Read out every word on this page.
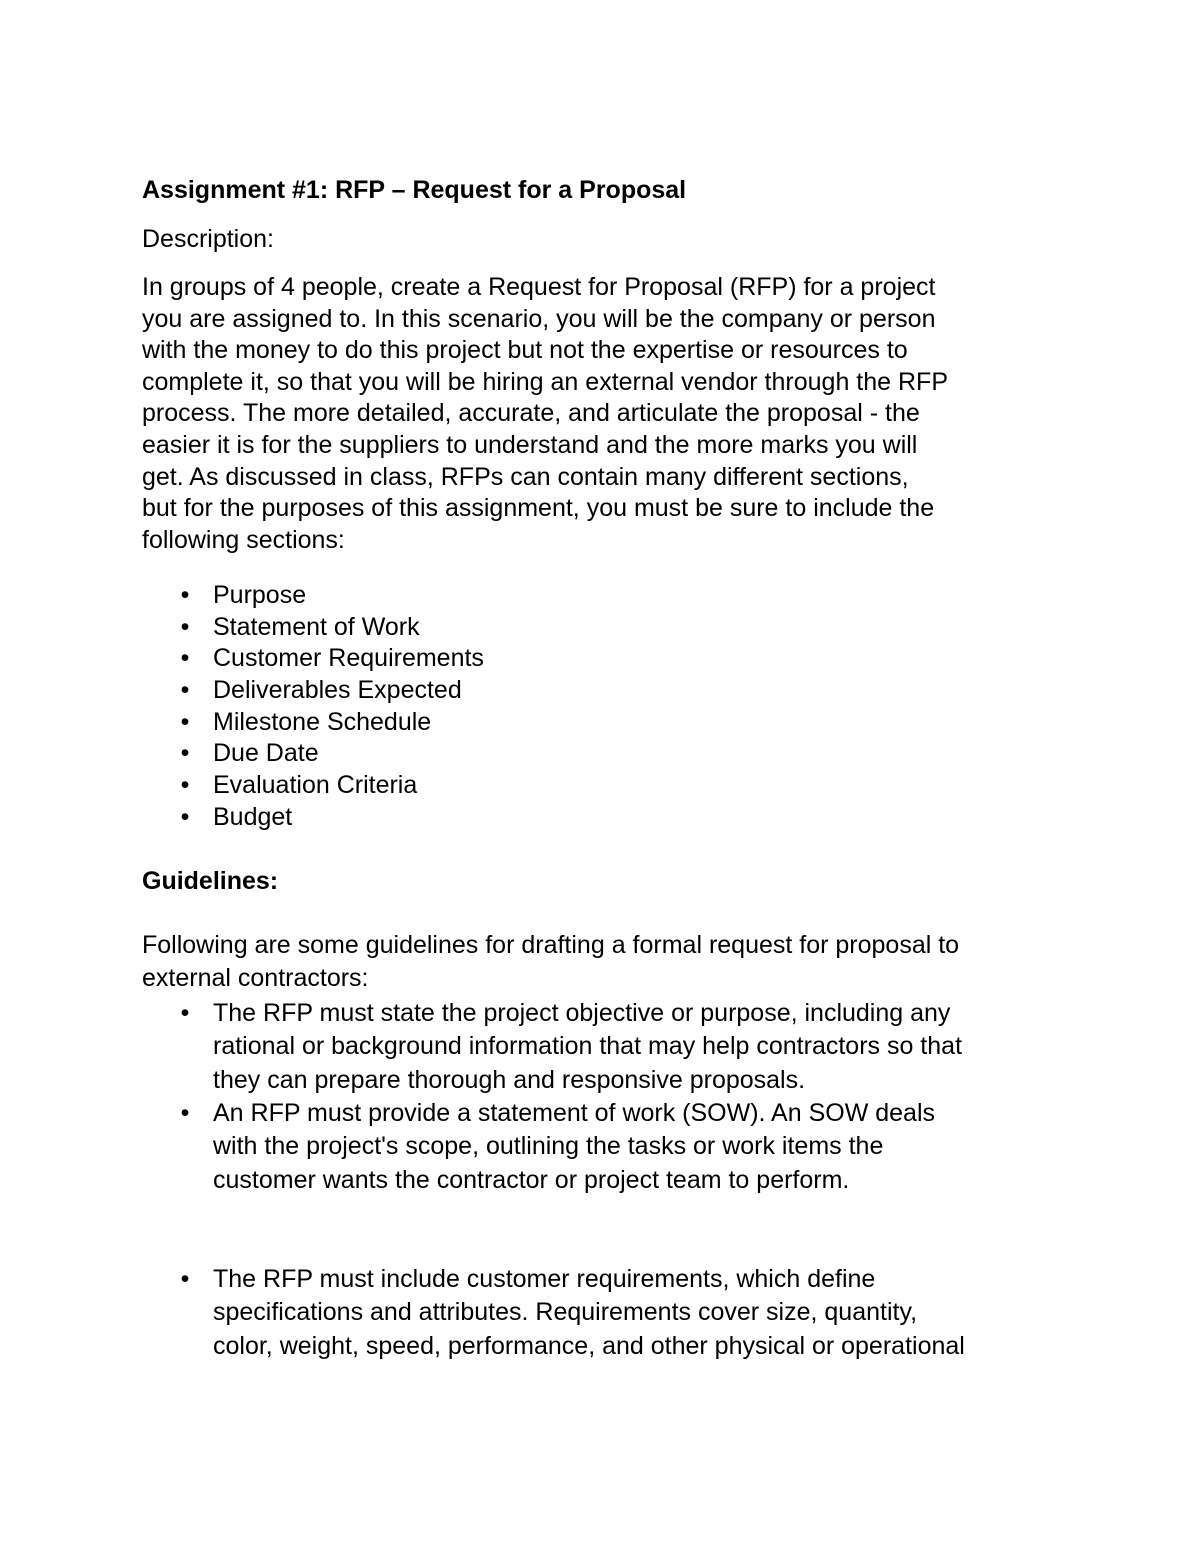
Assignment #1: RFP – Request for a Proposal
Description:
In groups of 4 people, create a Request for Proposal (RFP) for a project
you are assigned to. In this scenario, you will be the company or person
with the money to do this project but not the expertise or resources to
complete it, so that you will be hiring an external vendor through the RFP
process. The more detailed, accurate, and articulate the proposal - the
easier it is for the suppliers to understand and the more marks you will
get. As discussed in class, RFPs can contain many different sections,
but for the purposes of this assignment, you must be sure to include the
following sections:
• Purpose
• Statement of Work
• Customer Requirements
• Deliverables Expected
• Milestone Schedule
• Due Date
• Evaluation Criteria
• Budget
Guidelines:
Following are some guidelines for drafting a formal request for proposal to
external contractors:
• The RFP must state the project objective or purpose, including any
rational or background information that may help contractors so that
they can prepare thorough and responsive proposals.
• An RFP must provide a statement of work (SOW). An SOW deals
with the project's scope, outlining the tasks or work items the
customer wants the contractor or project team to perform.
• The RFP must include customer requirements, which define
specifications and attributes. Requirements cover size, quantity,
color, weight, speed, performance, and other physical or operational
